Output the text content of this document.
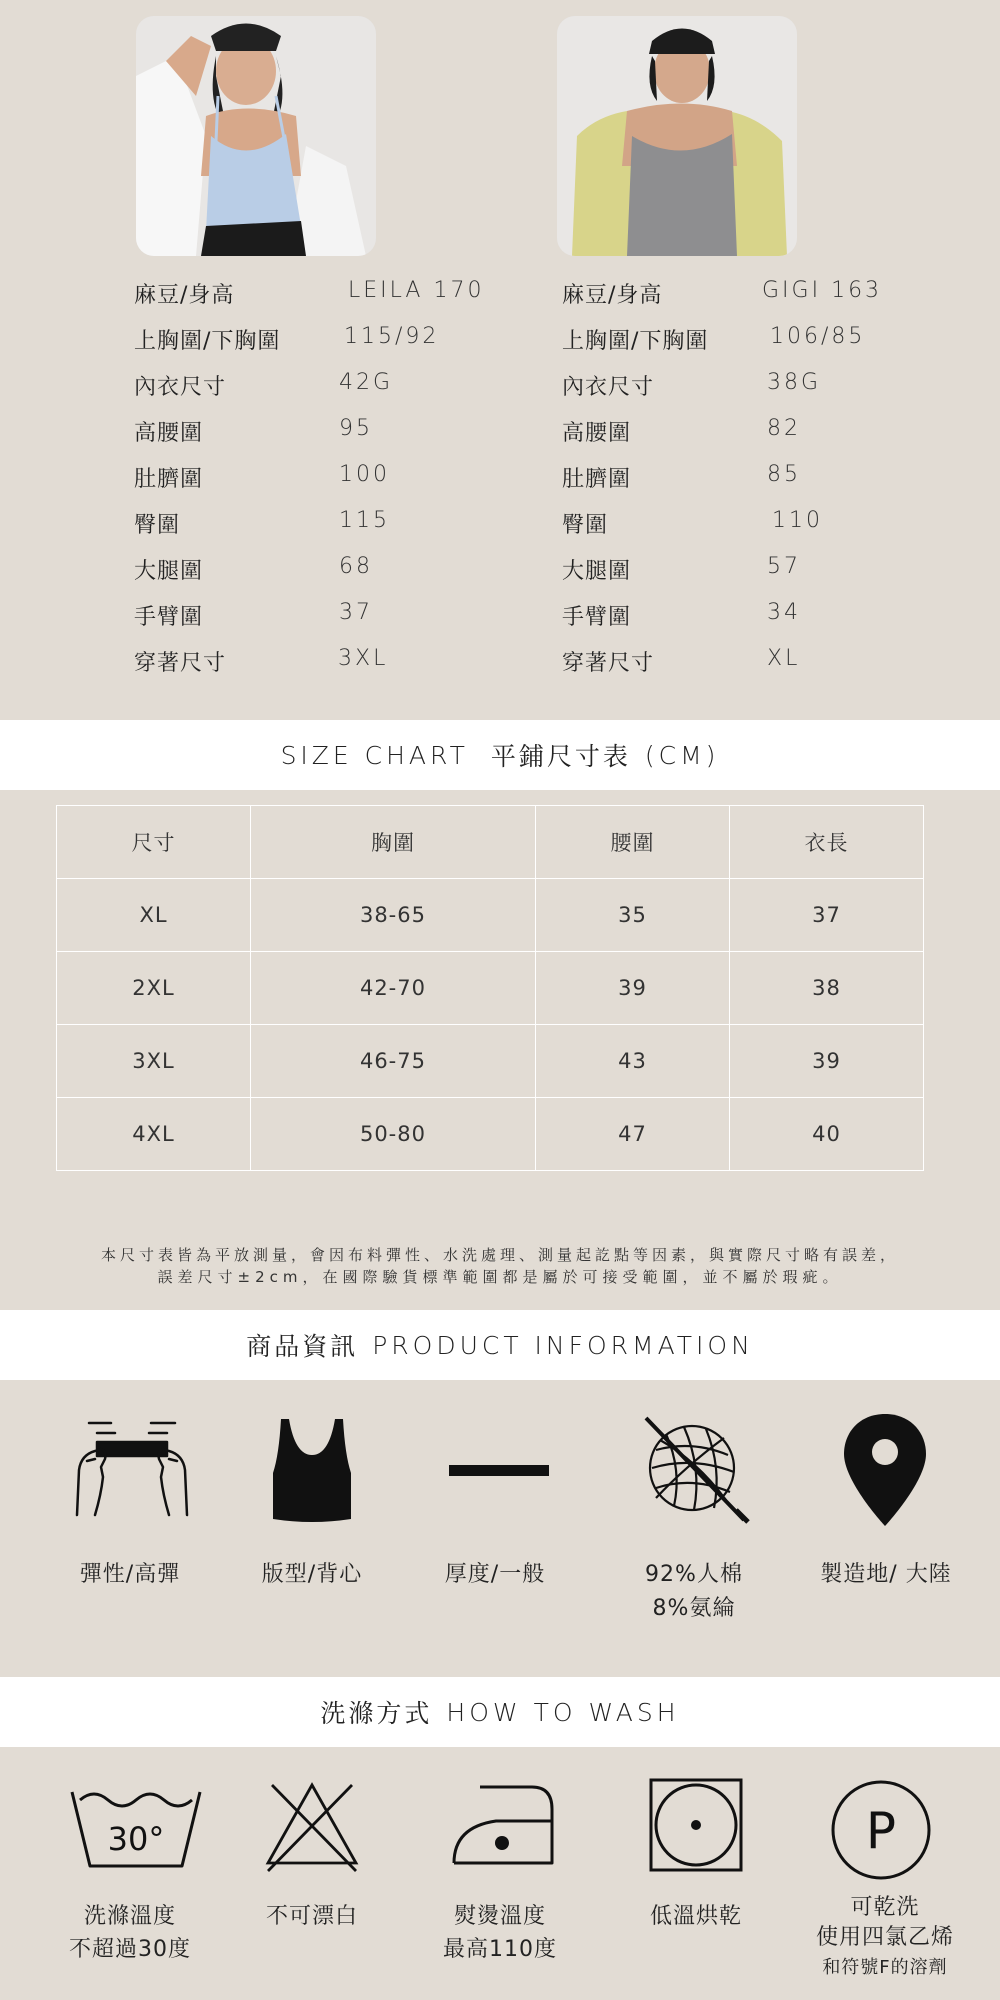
麻豆/身高	LEILA 170
上胸圍/下胸圍	115/92
內衣尺寸	42G
高腰圍	95
肚臍圍	100
臀圍	115
大腿圍	68
手臂圍	37
穿著尺寸	3XL
麻豆/身高	GIGI 163
上胸圍/下胸圍	106/85
內衣尺寸	38G
高腰圍	82
肚臍圍	85
臀圍	110
大腿圍	57
手臂圍	34
穿著尺寸	XL
SIZE CHART 平鋪尺寸表 (CM)
尺寸	胸圍	腰圍	衣長
XL	38-65	35	37
2XL	42-70	39	38
3XL	46-75	43	39
4XL	50-80	47	40
本尺寸表皆為平放測量，會因布料彈性、水洗處理、測量起訖點等因素，與實際尺寸略有誤差，
誤差尺寸±2cm，在國際驗貨標準範圍都是屬於可接受範圍，並不屬於瑕疵。
商品資訊 PRODUCT INFORMATION
彈性/高彈	版型/背心	厚度/一般	92%人棉
8%氨綸
製造地/ 大陸
洗滌方式 HOW TO WASH
30°	P
洗滌溫度
不超過30度
不可漂白	熨燙溫度
最高110度
低溫烘乾	可乾洗
使用四氯乙烯
和符號F的溶劑
